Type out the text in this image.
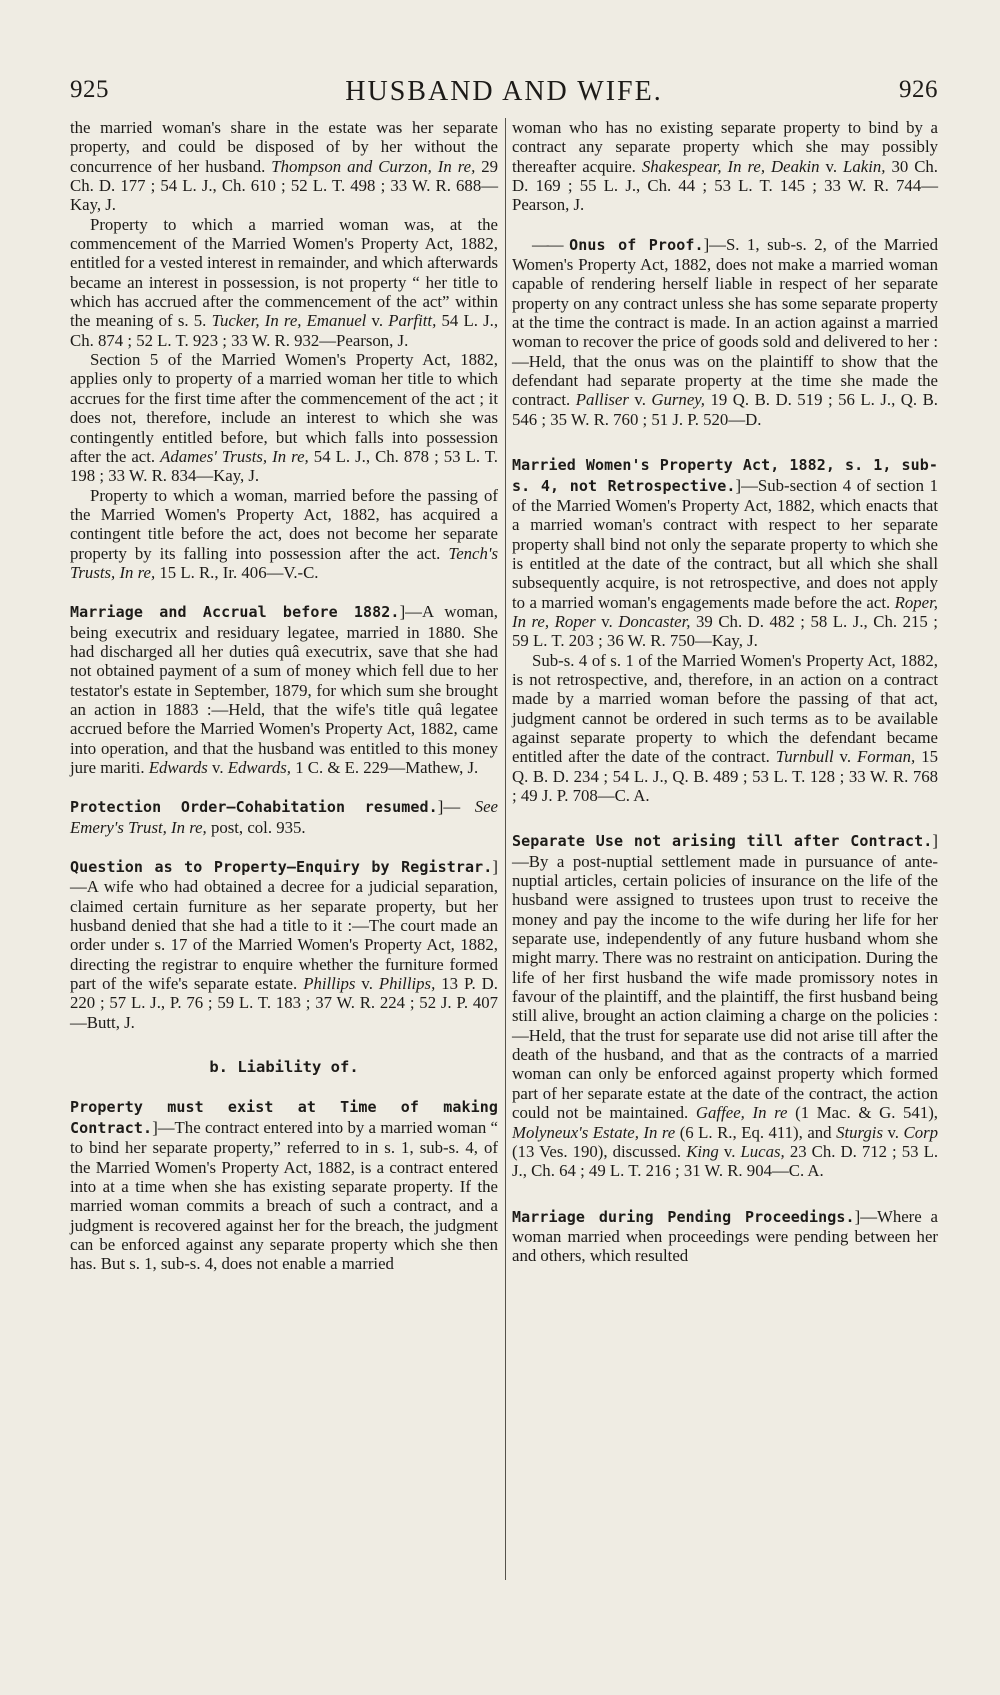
925	HUSBAND AND WIFE.	926

the married woman's share in the estate was her separate property, and could be disposed of by her without the concurrence of her husband. Thompson and Curzon, In re, 29 Ch. D. 177 ; 54 L. J., Ch. 610 ; 52 L. T. 498 ; 33 W. R. 688—Kay, J.

Property to which a married woman was, at the commencement of the Married Women's Property Act, 1882, entitled for a vested interest in remainder, and which afterwards became an interest in possession, is not property “ her title to which has accrued after the commencement of the act” within the meaning of s. 5. Tucker, In re, Emanuel v. Parfitt, 54 L. J., Ch. 874 ; 52 L. T. 923 ; 33 W. R. 932—Pearson, J.

Section 5 of the Married Women's Property Act, 1882, applies only to property of a married woman her title to which accrues for the first time after the commencement of the act ; it does not, therefore, include an interest to which she was contingently entitled before, but which falls into possession after the act. Adames' Trusts, In re, 54 L. J., Ch. 878 ; 53 L. T. 198 ; 33 W. R. 834—Kay, J.

Property to which a woman, married before the passing of the Married Women's Property Act, 1882, has acquired a contingent title before the act, does not become her separate property by its falling into possession after the act. Tench's Trusts, In re, 15 L. R., Ir. 406—V.-C.

Marriage and Accrual before 1882.]—A woman, being executrix and residuary legatee, married in 1880. She had discharged all her duties quâ executrix, save that she had not obtained payment of a sum of money which fell due to her testator's estate in September, 1879, for which sum she brought an action in 1883 :—Held, that the wife's title quâ legatee accrued before the Married Women's Property Act, 1882, came into operation, and that the husband was entitled to this money jure mariti. Edwards v. Edwards, 1 C. & E. 229—Mathew, J.

Protection Order—Cohabitation resumed.]— See Emery's Trust, In re, post, col. 935.

Question as to Property—Enquiry by Registrar.]—A wife who had obtained a decree for a judicial separation, claimed certain furniture as her separate property, but her husband denied that she had a title to it :—The court made an order under s. 17 of the Married Women's Property Act, 1882, directing the registrar to enquire whether the furniture formed part of the wife's separate estate. Phillips v. Phillips, 13 P. D. 220 ; 57 L. J., P. 76 ; 59 L. T. 183 ; 37 W. R. 224 ; 52 J. P. 407—Butt, J.

b. Liability of.

Property must exist at Time of making Contract.]—The contract entered into by a married woman “ to bind her separate property,” referred to in s. 1, sub-s. 4, of the Married Women's Property Act, 1882, is a contract entered into at a time when she has existing separate property. If the married woman commits a breach of such a contract, and a judgment is recovered against her for the breach, the judgment can be enforced against any separate property which she then has. But s. 1, sub-s. 4, does not enable a married

woman who has no existing separate property to bind by a contract any separate property which she may possibly thereafter acquire. Shakespear, In re, Deakin v. Lakin, 30 Ch. D. 169 ; 55 L. J., Ch. 44 ; 53 L. T. 145 ; 33 W. R. 744—Pearson, J.

—— Onus of Proof.]—S. 1, sub-s. 2, of the Married Women's Property Act, 1882, does not make a married woman capable of rendering herself liable in respect of her separate property on any contract unless she has some separate property at the time the contract is made. In an action against a married woman to recover the price of goods sold and delivered to her :—Held, that the onus was on the plaintiff to show that the defendant had separate property at the time she made the contract. Palliser v. Gurney, 19 Q. B. D. 519 ; 56 L. J., Q. B. 546 ; 35 W. R. 760 ; 51 J. P. 520—D.

Married Women's Property Act, 1882, s. 1, sub-s. 4, not Retrospective.]—Sub-section 4 of section 1 of the Married Women's Property Act, 1882, which enacts that a married woman's contract with respect to her separate property shall bind not only the separate property to which she is entitled at the date of the contract, but all which she shall subsequently acquire, is not retrospective, and does not apply to a married woman's engagements made before the act. Roper, In re, Roper v. Doncaster, 39 Ch. D. 482 ; 58 L. J., Ch. 215 ; 59 L. T. 203 ; 36 W. R. 750—Kay, J.

Sub-s. 4 of s. 1 of the Married Women's Property Act, 1882, is not retrospective, and, therefore, in an action on a contract made by a married woman before the passing of that act, judgment cannot be ordered in such terms as to be available against separate property to which the defendant became entitled after the date of the contract. Turnbull v. Forman, 15 Q. B. D. 234 ; 54 L. J., Q. B. 489 ; 53 L. T. 128 ; 33 W. R. 768 ; 49 J. P. 708—C. A.

Separate Use not arising till after Contract.]—By a post-nuptial settlement made in pursuance of ante-nuptial articles, certain policies of insurance on the life of the husband were assigned to trustees upon trust to receive the money and pay the income to the wife during her life for her separate use, independently of any future husband whom she might marry. There was no restraint on anticipation. During the life of her first husband the wife made promissory notes in favour of the plaintiff, and the plaintiff, the first husband being still alive, brought an action claiming a charge on the policies :—Held, that the trust for separate use did not arise till after the death of the husband, and that as the contracts of a married woman can only be enforced against property which formed part of her separate estate at the date of the contract, the action could not be maintained. Gaffee, In re (1 Mac. & G. 541), Molyneux's Estate, In re (6 L. R., Eq. 411), and Sturgis v. Corp (13 Ves. 190), discussed. King v. Lucas, 23 Ch. D. 712 ; 53 L. J., Ch. 64 ; 49 L. T. 216 ; 31 W. R. 904—C. A.

Marriage during Pending Proceedings.]—Where a woman married when proceedings were pending between her and others, which resulted
